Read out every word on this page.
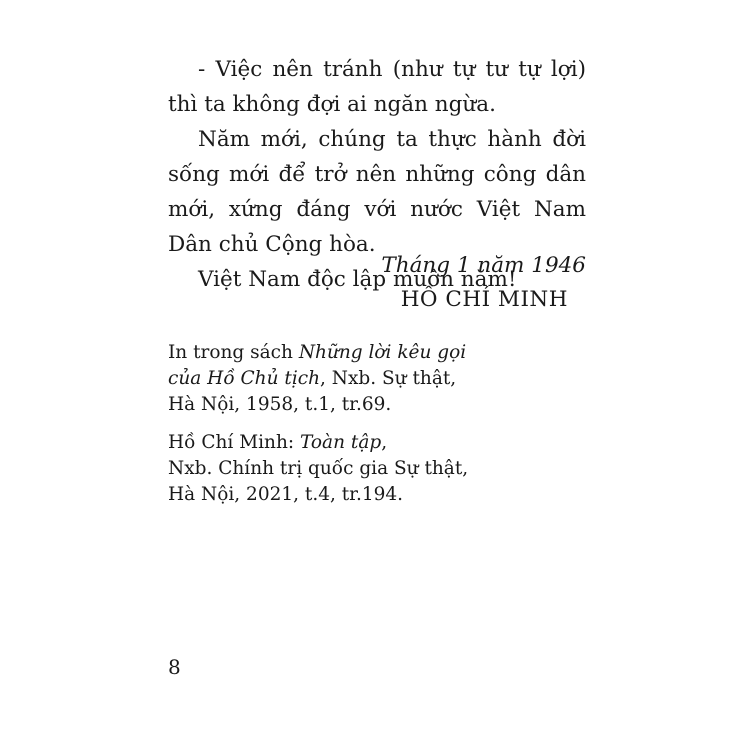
- Việc nên tránh (như tự tư tự lợi) thì ta không đợi ai ngăn ngừa.

Năm mới, chúng ta thực hành đời sống mới để trở nên những công dân mới, xứng đáng với nước Việt Nam Dân chủ Cộng hòa.

Việt Nam độc lập muôn năm!

Tháng 1 năm 1946
HỒ CHÍ MINH
In trong sách Những lời kêu gọi
của Hồ Chủ tịch, Nxb. Sự thật,
Hà Nội, 1958, t.1, tr.69.
Hồ Chí Minh: Toàn tập,
Nxb. Chính trị quốc gia Sự thật,
Hà Nội, 2021, t.4, tr.194.
8
